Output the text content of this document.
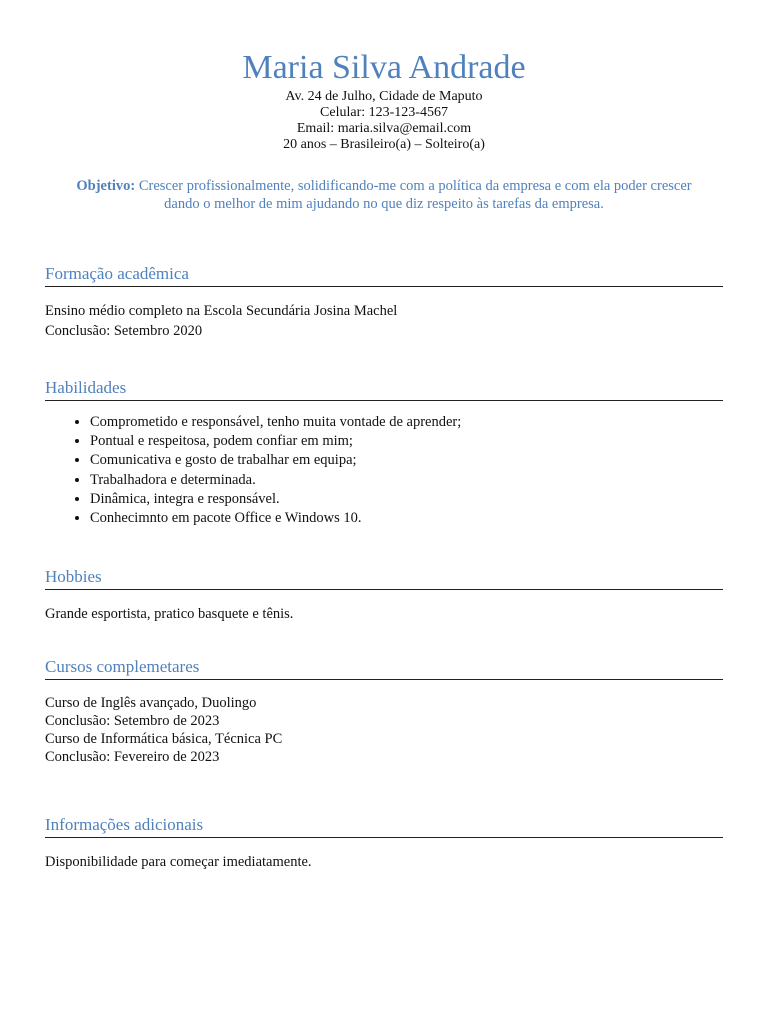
Maria Silva Andrade
Av. 24 de Julho, Cidade de Maputo
Celular: 123-123-4567
Email: maria.silva@email.com
20 anos – Brasileiro(a) – Solteiro(a)
Objetivo: Crescer profissionalmente, solidificando-me com a política da empresa e com ela poder crescer dando o melhor de mim ajudando no que diz respeito às tarefas da empresa.
Formação acadêmica
Ensino médio completo na Escola Secundária Josina Machel
Conclusão: Setembro 2020
Habilidades
• Comprometido e responsável, tenho muita vontade de aprender;
• Pontual e respeitosa, podem confiar em mim;
• Comunicativa e gosto de trabalhar em equipa;
• Trabalhadora e determinada.
• Dinâmica, integra e responsável.
• Conhecimnto em pacote Office e Windows 10.
Hobbies
Grande esportista, pratico basquete e tênis.
Cursos complemetares
Curso de Inglês avançado, Duolingo
Conclusão: Setembro de 2023
Curso de Informática básica, Técnica PC
Conclusão: Fevereiro de 2023
Informações adicionais
Disponibilidade para começar imediatamente.
